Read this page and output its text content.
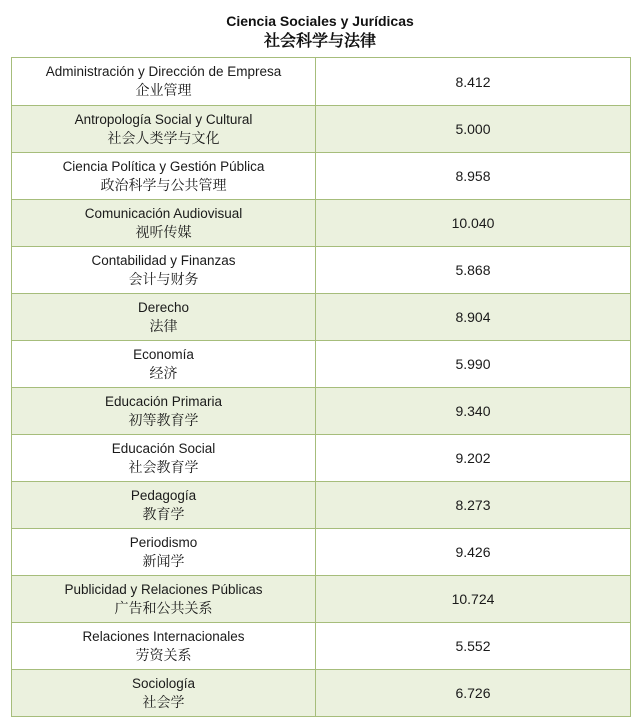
Ciencia Sociales y Jurídicas
社会科学与法律
Administración y Dirección de Empresa
企业管理
8.412
Antropología Social y Cultural
社会人类学与文化
5.000
Ciencia Política y Gestión Pública
政治科学与公共管理
8.958
Comunicación Audiovisual
视听传媒
10.040
Contabilidad y Finanzas
会计与财务
5.868
Derecho
法律
8.904
Economía
经济
5.990
Educación Primaria
初等教育学
9.340
Educación Social
社会教育学
9.202
Pedagogía
教育学
8.273
Periodismo
新闻学
9.426
Publicidad y Relaciones Públicas
广告和公共关系
10.724
Relaciones Internacionales
劳资关系
5.552
Sociología
社会学
6.726
